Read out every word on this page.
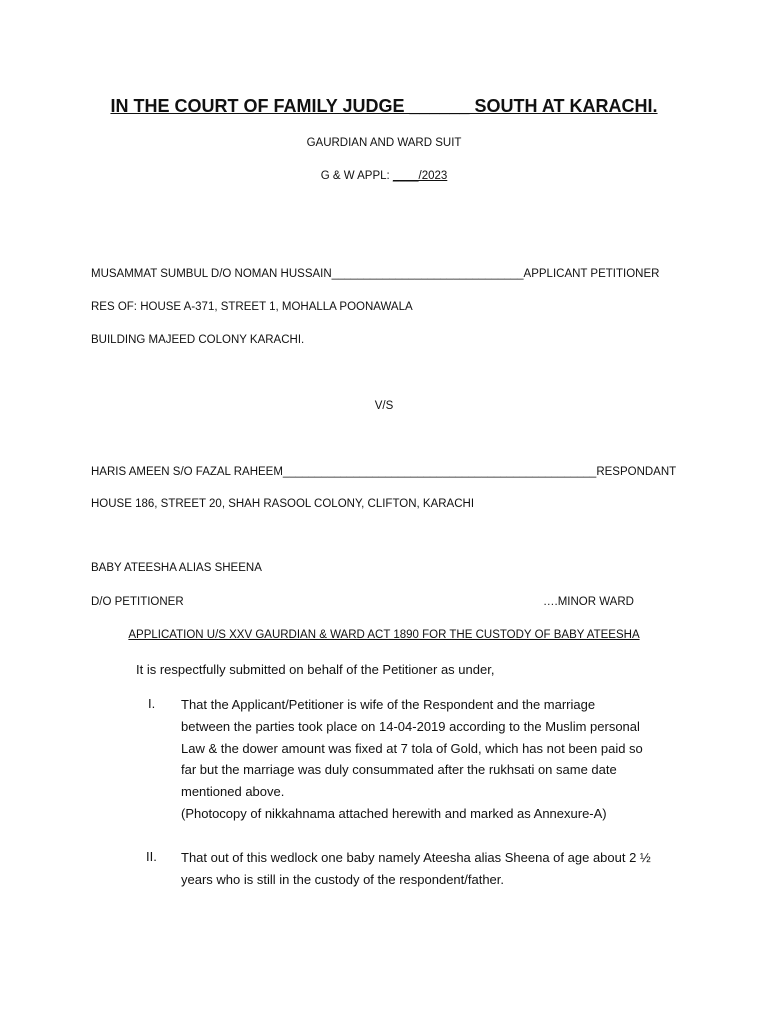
IN THE COURT OF FAMILY JUDGE ______ SOUTH AT KARACHI.
GAURDIAN AND WARD SUIT
G & W APPL: ____/2023
MUSAMMAT SUMBUL D/O NOMAN HUSSAIN______________________________APPLICANT PETITIONER
RES OF: HOUSE A-371, STREET 1, MOHALLA POONAWALA
BUILDING MAJEED COLONY KARACHI.
V/S
HARIS AMEEN S/O FAZAL RAHEEM_________________________________________________RESPONDANT
HOUSE 186, STREET 20, SHAH RASOOL COLONY, CLIFTON, KARACHI
BABY ATEESHA ALIAS SHEENA
D/O PETITIONER	….MINOR WARD
APPLICATION U/S XXV GAURDIAN & WARD ACT 1890 FOR THE CUSTODY OF BABY ATEESHA
It is respectfully submitted on behalf of the Petitioner as under,
I. That the Applicant/Petitioner is wife of the Respondent and the marriage
between the parties took place on 14-04-2019 according to the Muslim personal
Law & the dower amount was fixed at 7 tola of Gold, which has not been paid so
far but the marriage was duly consummated after the rukhsati on same date
mentioned above.
(Photocopy of nikkahnama attached herewith and marked as Annexure-A)
II. That out of this wedlock one baby namely Ateesha alias Sheena of age about 2 ½
years who is still in the custody of the respondent/father.
